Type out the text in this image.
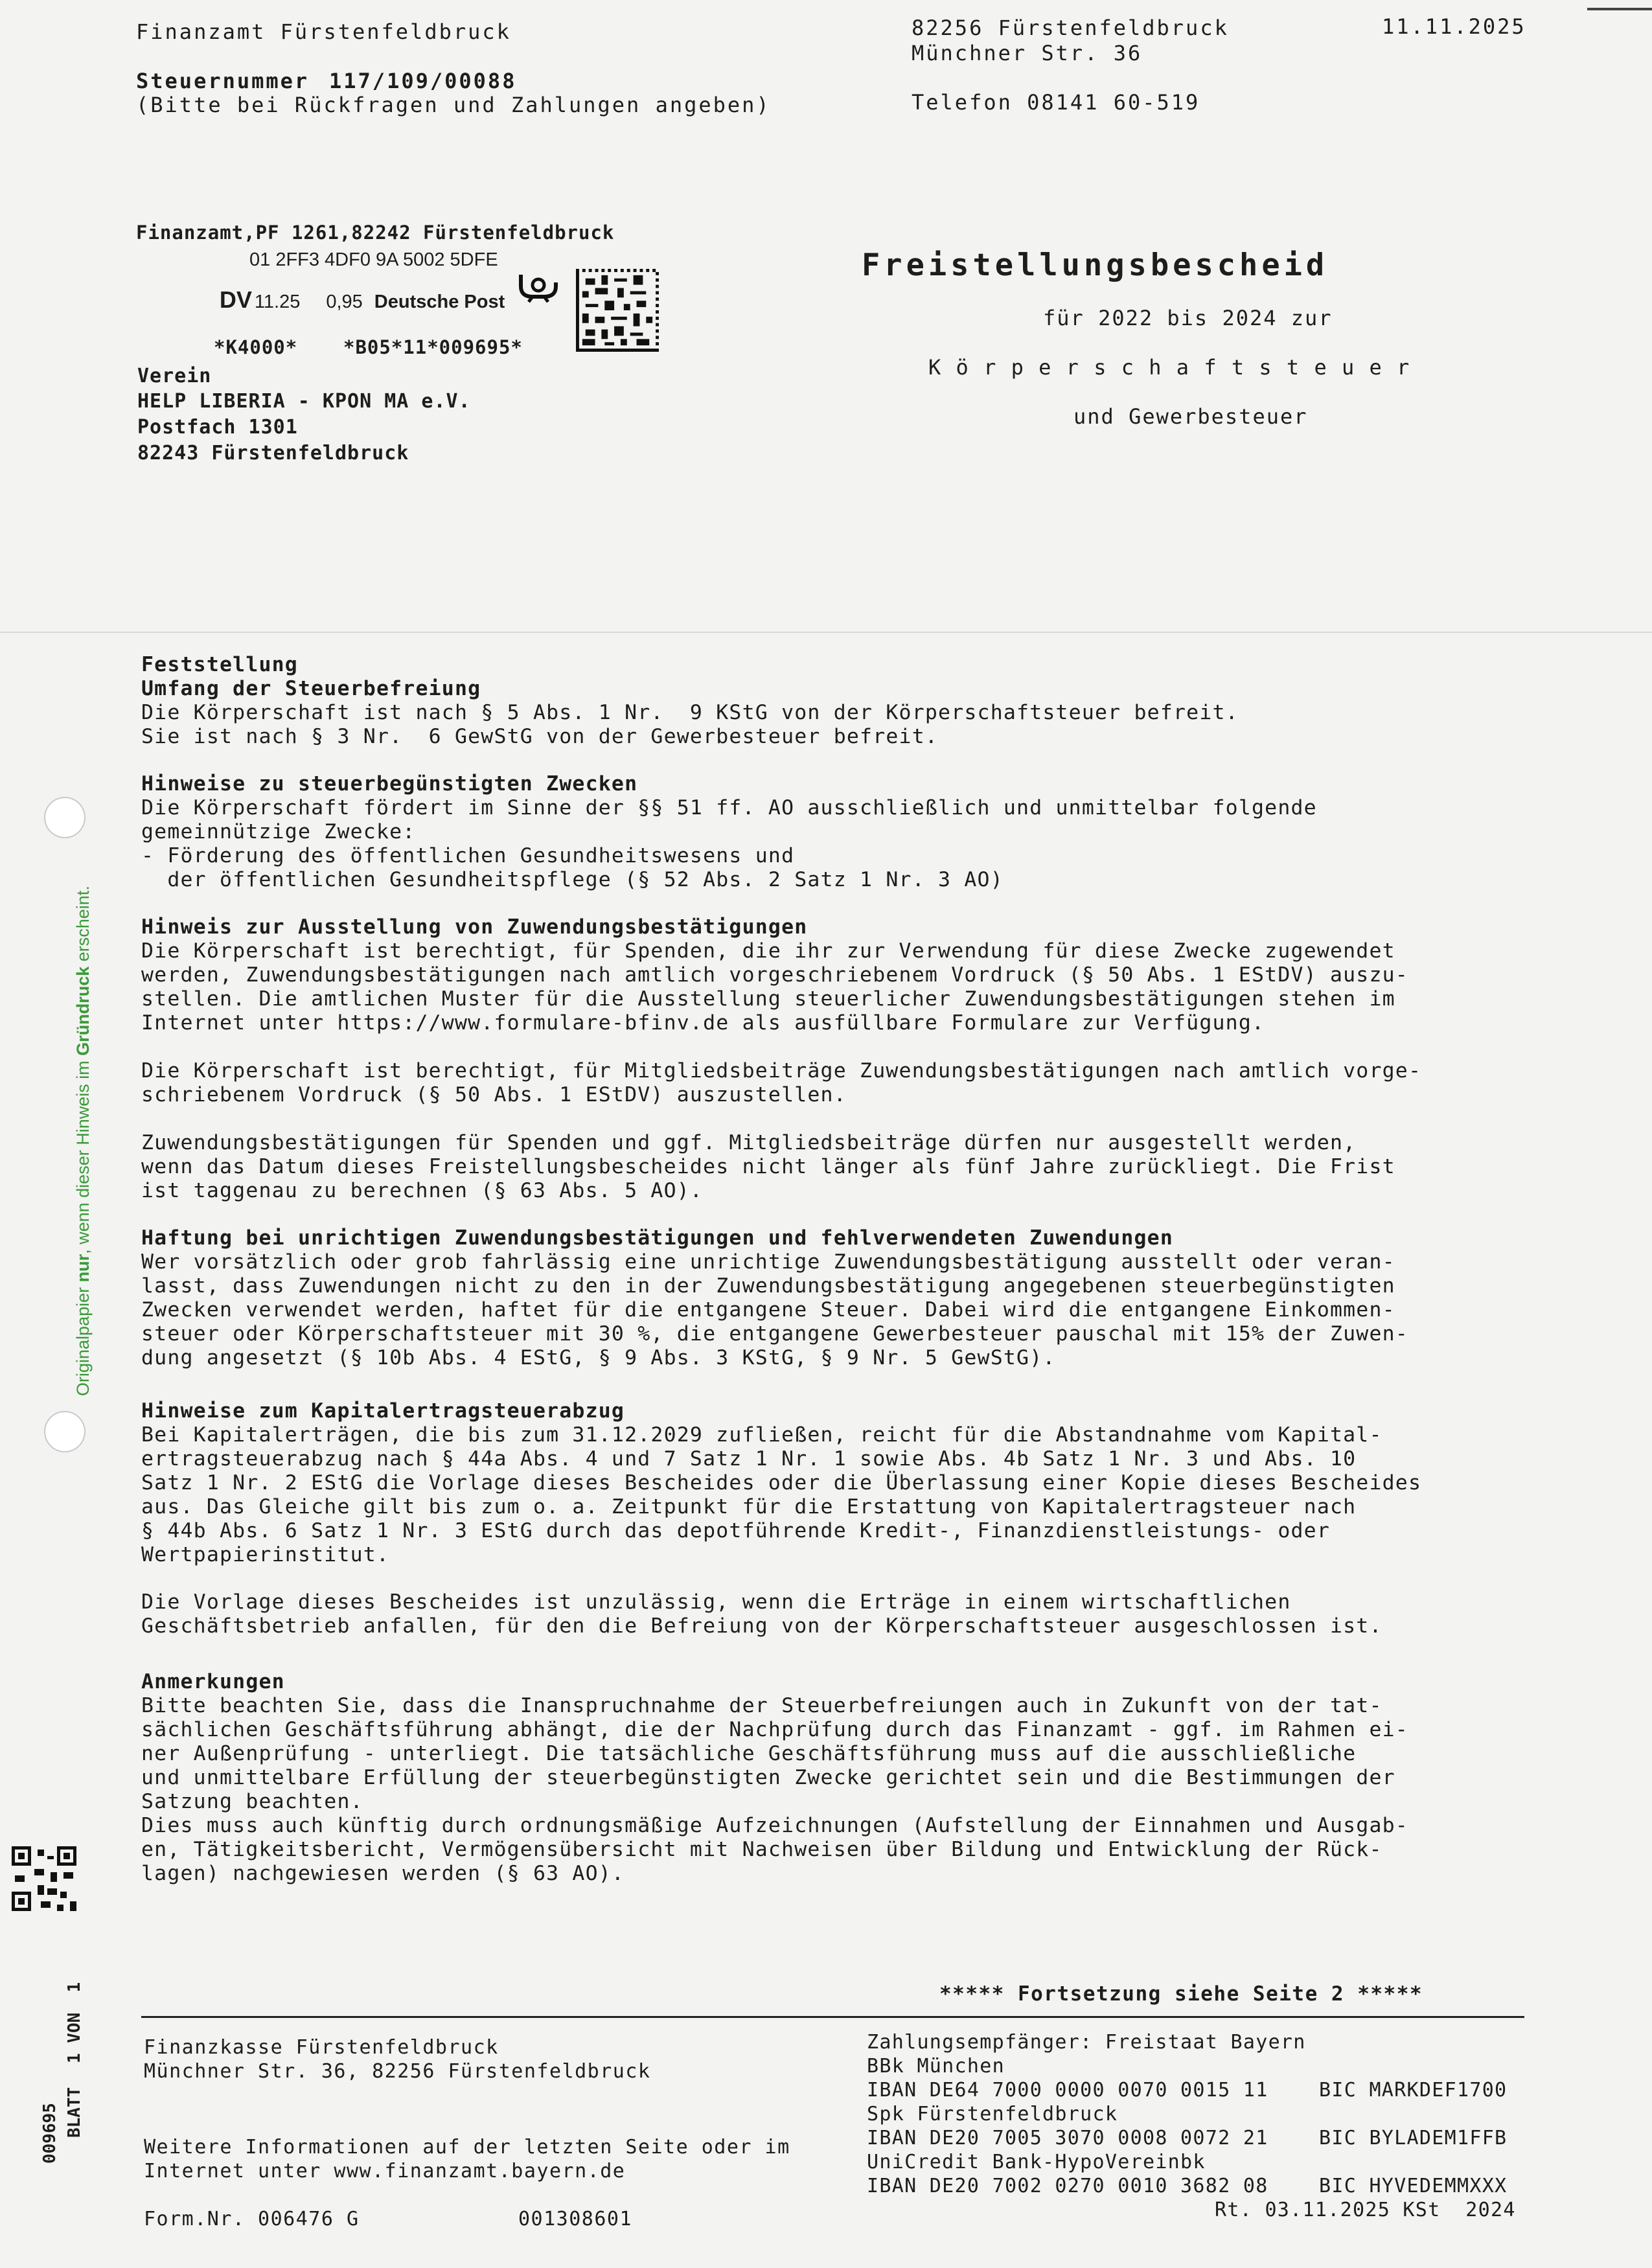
Finanzamt Fürstenfeldbruck
Steuernummer 117/109/00088
(Bitte bei Rückfragen und Zahlungen angeben)
82256 Fürstenfeldbruck
Münchner Str. 36
Telefon 08141 60-519
11.11.2025
Finanzamt,PF 1261,82242 Fürstenfeldbruck
01 2FF3 4DF0 9A 5002 5DFE

DV 11.25 0,95 Deutsche Post

*K4000* *B05*11*009695*
Verein
HELP LIBERIA - KPON MA e.V.
Postfach 1301
82243 Fürstenfeldbruck
Freistellungsbescheid
für 2022 bis 2024 zur
K ö r p e r s c h a f t s t e u e r
und Gewerbesteuer
Feststellung
Umfang der Steuerbefreiung
Die Körperschaft ist nach § 5 Abs. 1 Nr.  9 KStG von der Körperschaftsteuer befreit.
Sie ist nach § 3 Nr.  6 GewStG von der Gewerbesteuer befreit.
Hinweise zu steuerbegünstigten Zwecken
Die Körperschaft fördert im Sinne der §§ 51 ff. AO ausschließlich und unmittelbar folgende
gemeinnützige Zwecke:
- Förderung des öffentlichen Gesundheitswesens und
der öffentlichen Gesundheitspflege (§ 52 Abs. 2 Satz 1 Nr. 3 AO)
Hinweis zur Ausstellung von Zuwendungsbestätigungen
Die Körperschaft ist berechtigt, für Spenden, die ihr zur Verwendung für diese Zwecke zugewendet
werden, Zuwendungsbestätigungen nach amtlich vorgeschriebenem Vordruck (§ 50 Abs. 1 EStDV) auszu-
stellen. Die amtlichen Muster für die Ausstellung steuerlicher Zuwendungsbestätigungen stehen im
Internet unter https://www.formulare-bfinv.de als ausfüllbare Formulare zur Verfügung.
Die Körperschaft ist berechtigt, für Mitgliedsbeiträge Zuwendungsbestätigungen nach amtlich vorge-
schriebenem Vordruck (§ 50 Abs. 1 EStDV) auszustellen.
Zuwendungsbestätigungen für Spenden und ggf. Mitgliedsbeiträge dürfen nur ausgestellt werden,
wenn das Datum dieses Freistellungsbescheides nicht länger als fünf Jahre zurückliegt. Die Frist
ist taggenau zu berechnen (§ 63 Abs. 5 AO).
Haftung bei unrichtigen Zuwendungsbestätigungen und fehlverwendeten Zuwendungen
Wer vorsätzlich oder grob fahrlässig eine unrichtige Zuwendungsbestätigung ausstellt oder veran-
lasst, dass Zuwendungen nicht zu den in der Zuwendungsbestätigung angegebenen steuerbegünstigten
Zwecken verwendet werden, haftet für die entgangene Steuer. Dabei wird die entgangene Einkommen-
steuer oder Körperschaftsteuer mit 30 %, die entgangene Gewerbesteuer pauschal mit 15% der Zuwen-
dung angesetzt (§ 10b Abs. 4 EStG, § 9 Abs. 3 KStG, § 9 Nr. 5 GewStG).
Hinweise zum Kapitalertragsteuerabzug
Bei Kapitalerträgen, die bis zum 31.12.2029 zufließen, reicht für die Abstandnahme vom Kapital-
ertragsteuerabzug nach § 44a Abs. 4 und 7 Satz 1 Nr. 1 sowie Abs. 4b Satz 1 Nr. 3 und Abs. 10
Satz 1 Nr. 2 EStG die Vorlage dieses Bescheides oder die Überlassung einer Kopie dieses Bescheides
aus. Das Gleiche gilt bis zum o. a. Zeitpunkt für die Erstattung von Kapitalertragsteuer nach
§ 44b Abs. 6 Satz 1 Nr. 3 EStG durch das depotführende Kredit-, Finanzdienstleistungs- oder
Wertpapierinstitut.
Die Vorlage dieses Bescheides ist unzulässig, wenn die Erträge in einem wirtschaftlichen
Geschäftsbetrieb anfallen, für den die Befreiung von der Körperschaftsteuer ausgeschlossen ist.
Anmerkungen
Bitte beachten Sie, dass die Inanspruchnahme der Steuerbefreiungen auch in Zukunft von der tat-
sächlichen Geschäftsführung abhängt, die der Nachprüfung durch das Finanzamt - ggf. im Rahmen ei-
ner Außenprüfung - unterliegt. Die tatsächliche Geschäftsführung muss auf die ausschließliche
und unmittelbare Erfüllung der steuerbegünstigten Zwecke gerichtet sein und die Bestimmungen der
Satzung beachten.
Dies muss auch künftig durch ordnungsmäßige Aufzeichnungen (Aufstellung der Einnahmen und Ausgab-
en, Tätigkeitsbericht, Vermögensübersicht mit Nachweisen über Bildung und Entwicklung der Rück-
lagen) nachgewiesen werden (§ 63 AO).
***** Fortsetzung siehe Seite 2 *****
Finanzkasse Fürstenfeldbruck
Münchner Str. 36, 82256 Fürstenfeldbruck
Weitere Informationen auf der letzten Seite oder im
Internet unter www.finanzamt.bayern.de
Form.Nr. 006476 G	001308601
Zahlungsempfänger: Freistaat Bayern
BBk München
IBAN DE64 7000 0000 0070 0015 11	BIC MARKDEF1700
Spk Fürstenfeldbruck
IBAN DE20 7005 3070 0008 0072 21	BIC BYLADEM1FFB
UniCredit Bank-HypoVereinbk
IBAN DE20 7002 0270 0010 3682 08	BIC HYVEDEMMXXX
Rt. 03.11.2025 KSt  2024

Originalpapier nur, wenn dieser Hinweis im Gründruck erscheint.

009695 BLATT
1 VON  1
